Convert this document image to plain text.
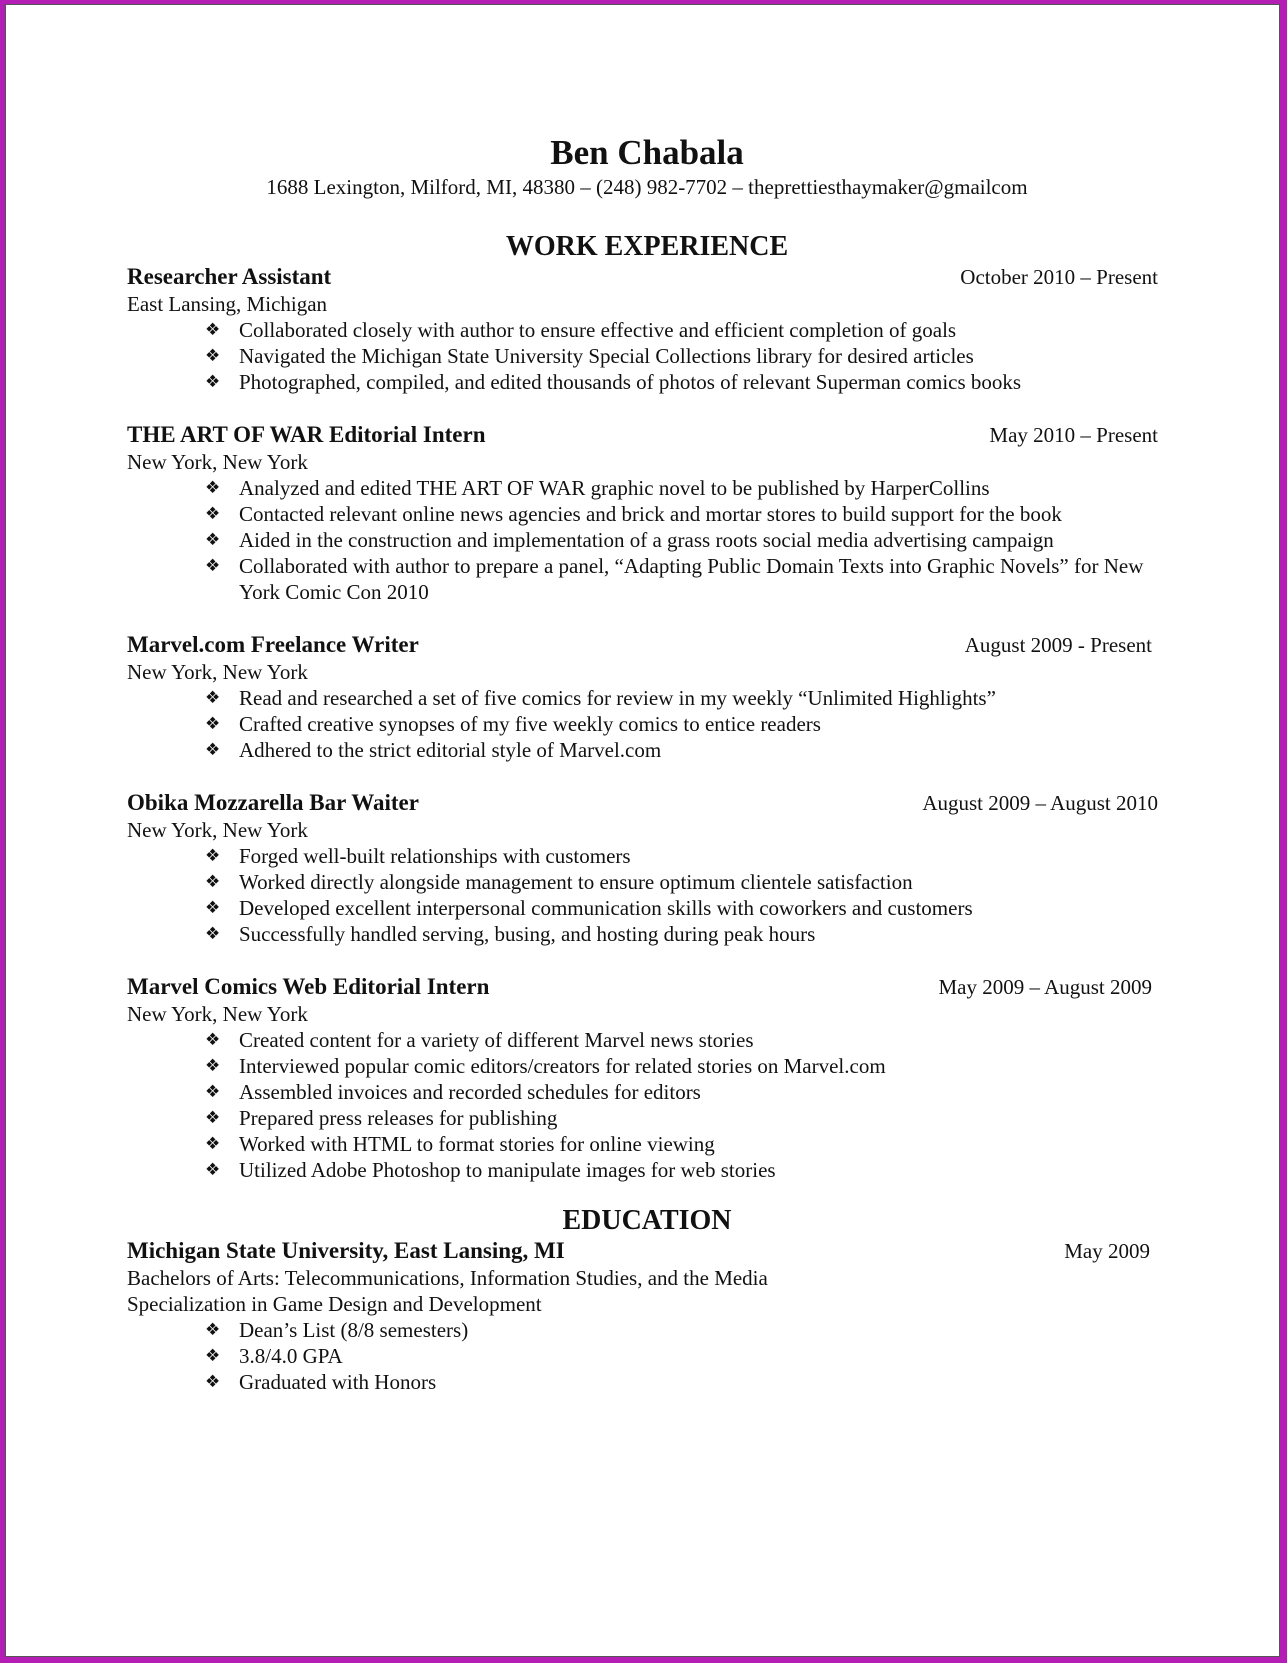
Ben Chabala
1688 Lexington, Milford, MI, 48380 – (248) 982-7702 – theprettiesthaymaker@gmailcom
WORK EXPERIENCE
Researcher Assistant	October 2010 – Present
East Lansing, Michigan
❖ Collaborated closely with author to ensure effective and efficient completion of goals
❖ Navigated the Michigan State University Special Collections library for desired articles
❖ Photographed, compiled, and edited thousands of photos of relevant Superman comics books
THE ART OF WAR Editorial Intern	May 2010 – Present
New York, New York
❖ Analyzed and edited THE ART OF WAR graphic novel to be published by HarperCollins
❖ Contacted relevant online news agencies and brick and mortar stores to build support for the book
❖ Aided in the construction and implementation of a grass roots social media advertising campaign
❖ Collaborated with author to prepare a panel, “Adapting Public Domain Texts into Graphic Novels” for New York Comic Con 2010
Marvel.com Freelance Writer	August 2009 - Present
New York, New York
❖ Read and researched a set of five comics for review in my weekly “Unlimited Highlights”
❖ Crafted creative synopses of my five weekly comics to entice readers
❖ Adhered to the strict editorial style of Marvel.com
Obika Mozzarella Bar Waiter	August 2009 – August 2010
New York, New York
❖ Forged well-built relationships with customers
❖ Worked directly alongside management to ensure optimum clientele satisfaction
❖ Developed excellent interpersonal communication skills with coworkers and customers
❖ Successfully handled serving, busing, and hosting during peak hours
Marvel Comics Web Editorial Intern	May 2009 – August 2009
New York, New York
❖ Created content for a variety of different Marvel news stories
❖ Interviewed popular comic editors/creators for related stories on Marvel.com
❖ Assembled invoices and recorded schedules for editors
❖ Prepared press releases for publishing
❖ Worked with HTML to format stories for online viewing
❖ Utilized Adobe Photoshop to manipulate images for web stories
EDUCATION
Michigan State University, East Lansing, MI	May 2009
Bachelors of Arts: Telecommunications, Information Studies, and the Media
Specialization in Game Design and Development
❖ Dean’s List (8/8 semesters)
❖ 3.8/4.0 GPA
❖ Graduated with Honors
